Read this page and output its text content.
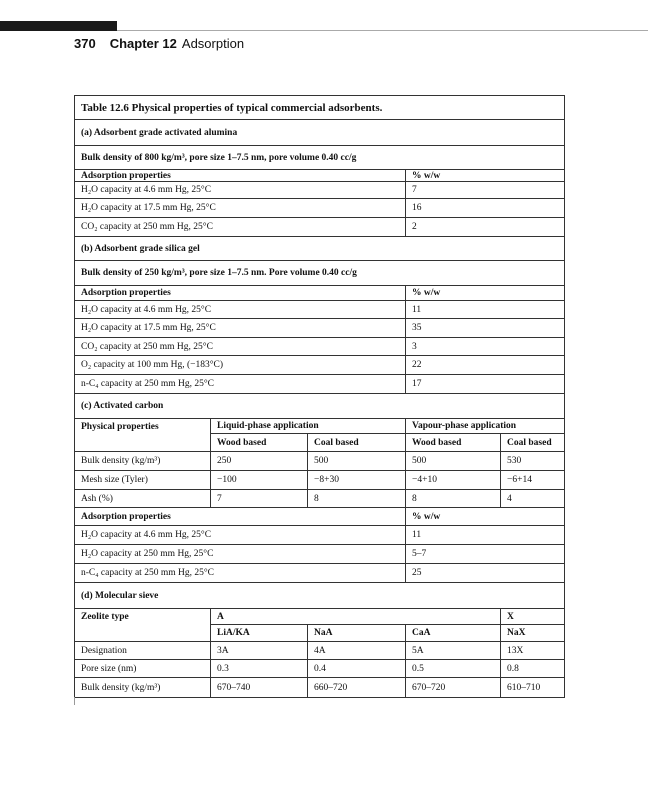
370 Chapter 12 Adsorption
Table 12.6 Physical properties of typical commercial adsorbents.				
(a) Adsorbent grade activated alumina				
Bulk density of 800 kg/m³, pore size 1–7.5 nm, pore volume 0.40 cc/g				
Adsorption properties			% w/w	
H₂O capacity at 4.6 mm Hg, 25°C			7	
H₂O capacity at 17.5 mm Hg, 25°C			16	
CO₂ capacity at 250 mm Hg, 25°C			2	
(b) Adsorbent grade silica gel				
Bulk density of 250 kg/m³, pore size 1–7.5 nm. Pore volume 0.40 cc/g				
Adsorption properties			% w/w	
H₂O capacity at 4.6 mm Hg, 25°C			11	
H₂O capacity at 17.5 mm Hg, 25°C			35	
CO₂ capacity at 250 mm Hg, 25°C			3	
O₂ capacity at 100 mm Hg, (−183°C)			22	
n-C₄ capacity at 250 mm Hg, 25°C			17	
(c) Activated carbon				
Physical properties	Liquid-phase application		Vapour-phase application	
	Wood based	Coal based	Wood based	Coal based
Bulk density (kg/m³)	250	500	500	530
Mesh size (Tyler)	−100	−8+30	−4+10	−6+14
Ash (%)	7	8	8	4
Adsorption properties			% w/w	
H₂O capacity at 4.6 mm Hg, 25°C			11	
H₂O capacity at 250 mm Hg, 25°C			5–7	
n-C₄ capacity at 250 mm Hg, 25°C			25	
(d) Molecular sieve				
Zeolite type	A			X
	LiA/KA	NaA	CaA	NaX
Designation	3A	4A	5A	13X
Pore size (nm)	0.3	0.4	0.5	0.8
Bulk density (kg/m³)	670–740	660–720	670–720	610–710
